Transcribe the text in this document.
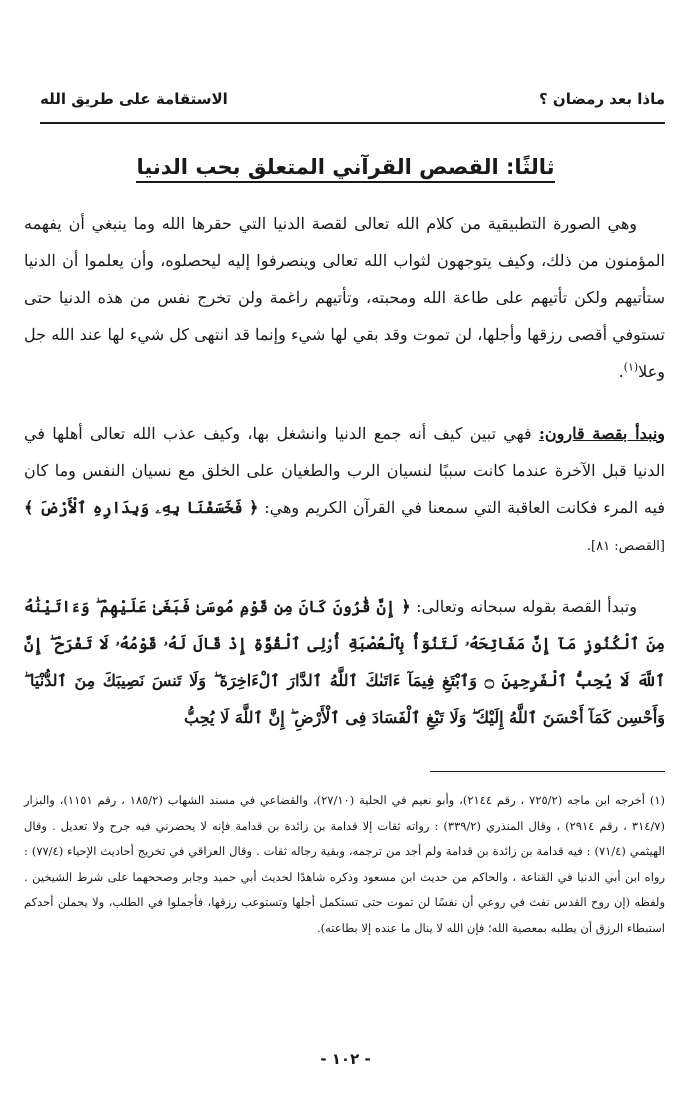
ماذا بعد رمضان ؟
الاستقامة على طريق الله
ثالثًا: القصص القرآني المتعلق بحب الدنيا
وهي الصورة التطبيقية من كلام الله تعالى لقصة الدنيا التي حقرها الله وما ينبغي أن يفهمه المؤمنون من ذلك، وكيف يتوجهون لثواب الله تعالى وينصرفوا إليه ليحصلوه، وأن يعلموا أن الدنيا ستأتيهم ولكن تأتيهم على طاعة الله ومحبته، وتأتيهم راغمة ولن تخرج نفس من هذه الدنيا حتى تستوفي أقصى رزقها وأجلها، لن تموت وقد بقي لها شيء وإنما قد انتهى كل شيء لها عند الله جل وعلا$^{(١)}$.
ونبدأ بقصة قارون: فهي تبين كيف أنه جمع الدنيا وانشغل بها، وكيف عذب الله تعالى أهلها في الدنيا قبل الآخرة عندما كانت سببًا لنسيان الرب والطغيان على الخلق مع نسيان النفس وما كان فيه المرء فكانت العاقبة التي سمعنا في القرآن الكريم وهي: ﴿ فَخَسَفْنَا بِهِۦ وَبِدَارِهِ ٱلْأَرْضَ ﴾ [القصص: ٨١].
وتبدأ القصة بقوله سبحانه وتعالى: ﴿ إِنَّ قَٰرُونَ كَانَ مِن قَوْمِ مُوسَىٰ فَبَغَىٰ عَلَيْهِمْ ۖ وَءَاتَيْنَٰهُ مِنَ ٱلْكُنُوزِ مَآ إِنَّ مَفَاتِحَهُۥ لَتَنُوٓأُ بِٱلْعُصْبَةِ أُو۟لِى ٱلْقُوَّةِ إِذْ قَالَ لَهُۥ قَوْمُهُۥ لَا تَفْرَحْ ۖ إِنَّ ٱللَّهَ لَا يُحِبُّ ٱلْفَرِحِينَ ۝ وَٱبْتَغِ فِيمَآ ءَاتَىٰكَ ٱللَّهُ ٱلدَّارَ ٱلْءَاخِرَةَ ۖ وَلَا تَنسَ نَصِيبَكَ مِنَ ٱلدُّنْيَا ۖ وَأَحْسِن كَمَآ أَحْسَنَ ٱللَّهُ إِلَيْكَ ۖ وَلَا تَبْغِ ٱلْفَسَادَ فِى ٱلْأَرْضِ ۖ إِنَّ ٱللَّهَ لَا يُحِبُّ
(١) أخرجه ابن ماجه (٧٢٥/٢ ، رقم ٢١٤٤)، وأبو نعيم في الحلية (٢٧/١٠)، والقضاعي في مسند الشهاب (١٨٥/٢ ، رقم ١١٥١)، والبزار (٣١٤/٧ ، رقم ٢٩١٤) ، وقال المنذري (٣٣٩/٢) : رواته ثقات إلا قدامة بن زائدة بن قدامة فإنه لا يحضرني فيه جرح ولا تعديل . وقال الهيثمي (٧١/٤) : فيه قدامة بن زائدة بن قدامة ولم أجد من ترجمه، وبقية رجاله ثقات . وقال العراقي في تخريج أحاديث الإحياء (٧٧/٤) : رواه ابن أبي الدنيا في القناعة ، والحاكم من حديث ابن مسعود وذكره شاهدًا لحديث أبي حميد وجابر وصححهما على شرط الشيخين . ولفظه (إن روح القدس نفث في روعي أن نفسًا لن تموت حتى تستكمل أجلها وتستوعب رزقها، فأجملوا في الطلب، ولا يحملن أحدكم استبطاء الرزق أن يطلبه بمعصية الله؛ فإن الله لا ينال ما عنده إلا بطاعته).
- ١٠٢ -
